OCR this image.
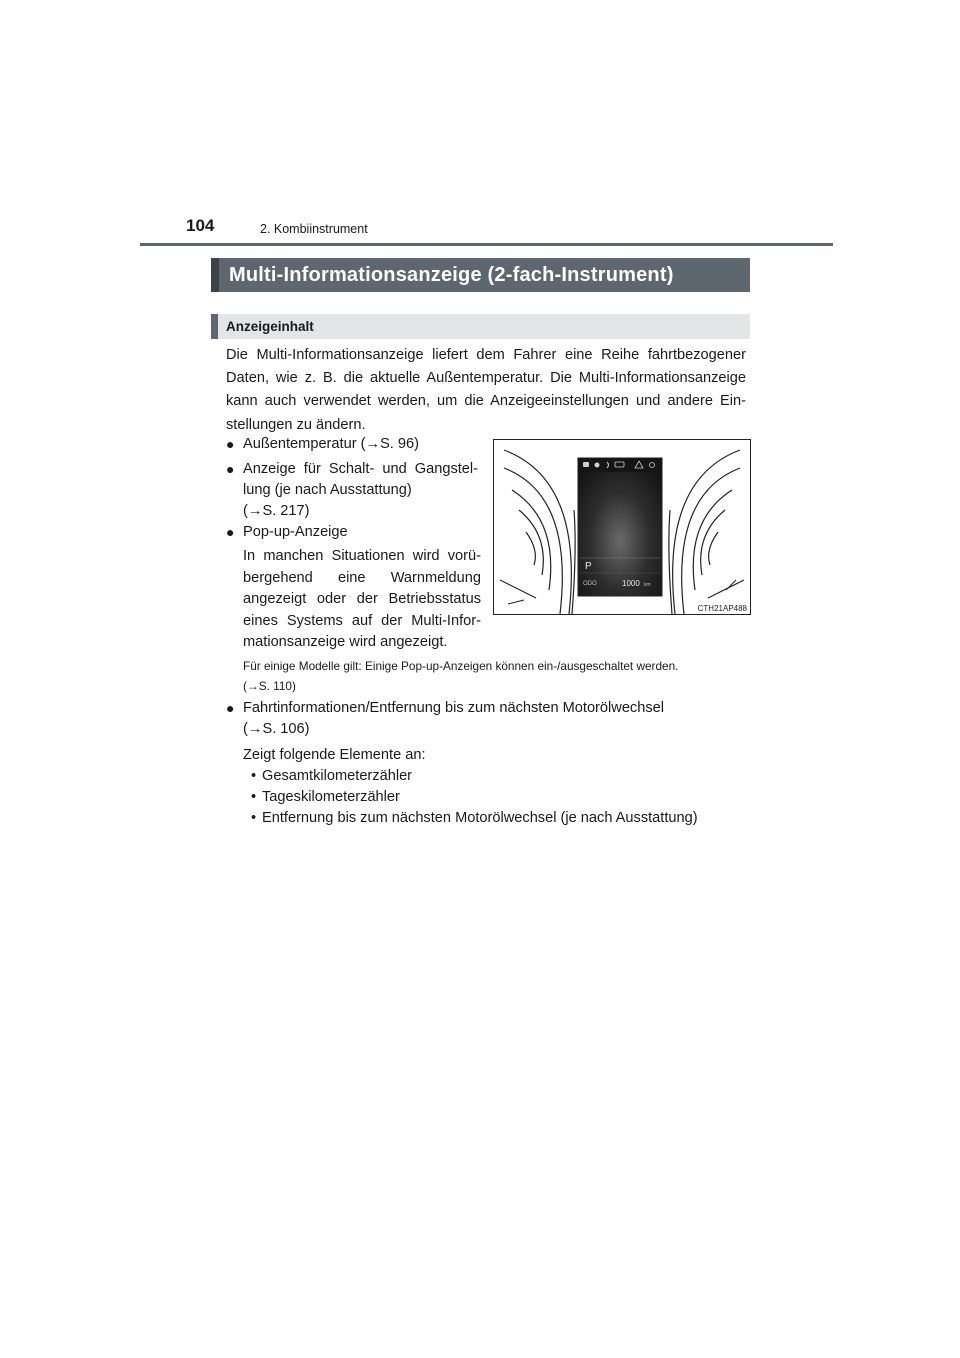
104	2. Kombiinstrument
Multi-Informationsanzeige (2-fach-Instrument)
Anzeigeinhalt

Die Multi-Informationsanzeige liefert dem Fahrer eine Reihe fahrtbezogener Daten, wie z. B. die aktuelle Außentemperatur. Die Multi-Informationsanzeige kann auch verwendet werden, um die Anzeigeeinstellungen und andere Ein-stellungen zu ändern.

● Außentemperatur (→S. 96)
● Anzeige für Schalt- und Gangstel-
lung (je nach Ausstattung)
(→S. 217)
● Pop-up-Anzeige
In manchen Situationen wird vorü-
bergehend eine Warnmeldung
angezeigt oder der Betriebsstatus
eines Systems auf der Multi-Infor-
mationsanzeige wird angezeigt.
Für einige Modelle gilt: Einige Pop-up-Anzeigen können ein-/ausgeschaltet werden.
(→S. 110)
● Fahrtinformationen/Entfernung bis zum nächsten Motorölwechsel
(→S. 106)
Zeigt folgende Elemente an:
• Gesamtkilometerzähler
• Tageskilometerzähler
• Entfernung bis zum nächsten Motorölwechsel (je nach Ausstattung)
P
ODO	1000 km
CTH21AP488
